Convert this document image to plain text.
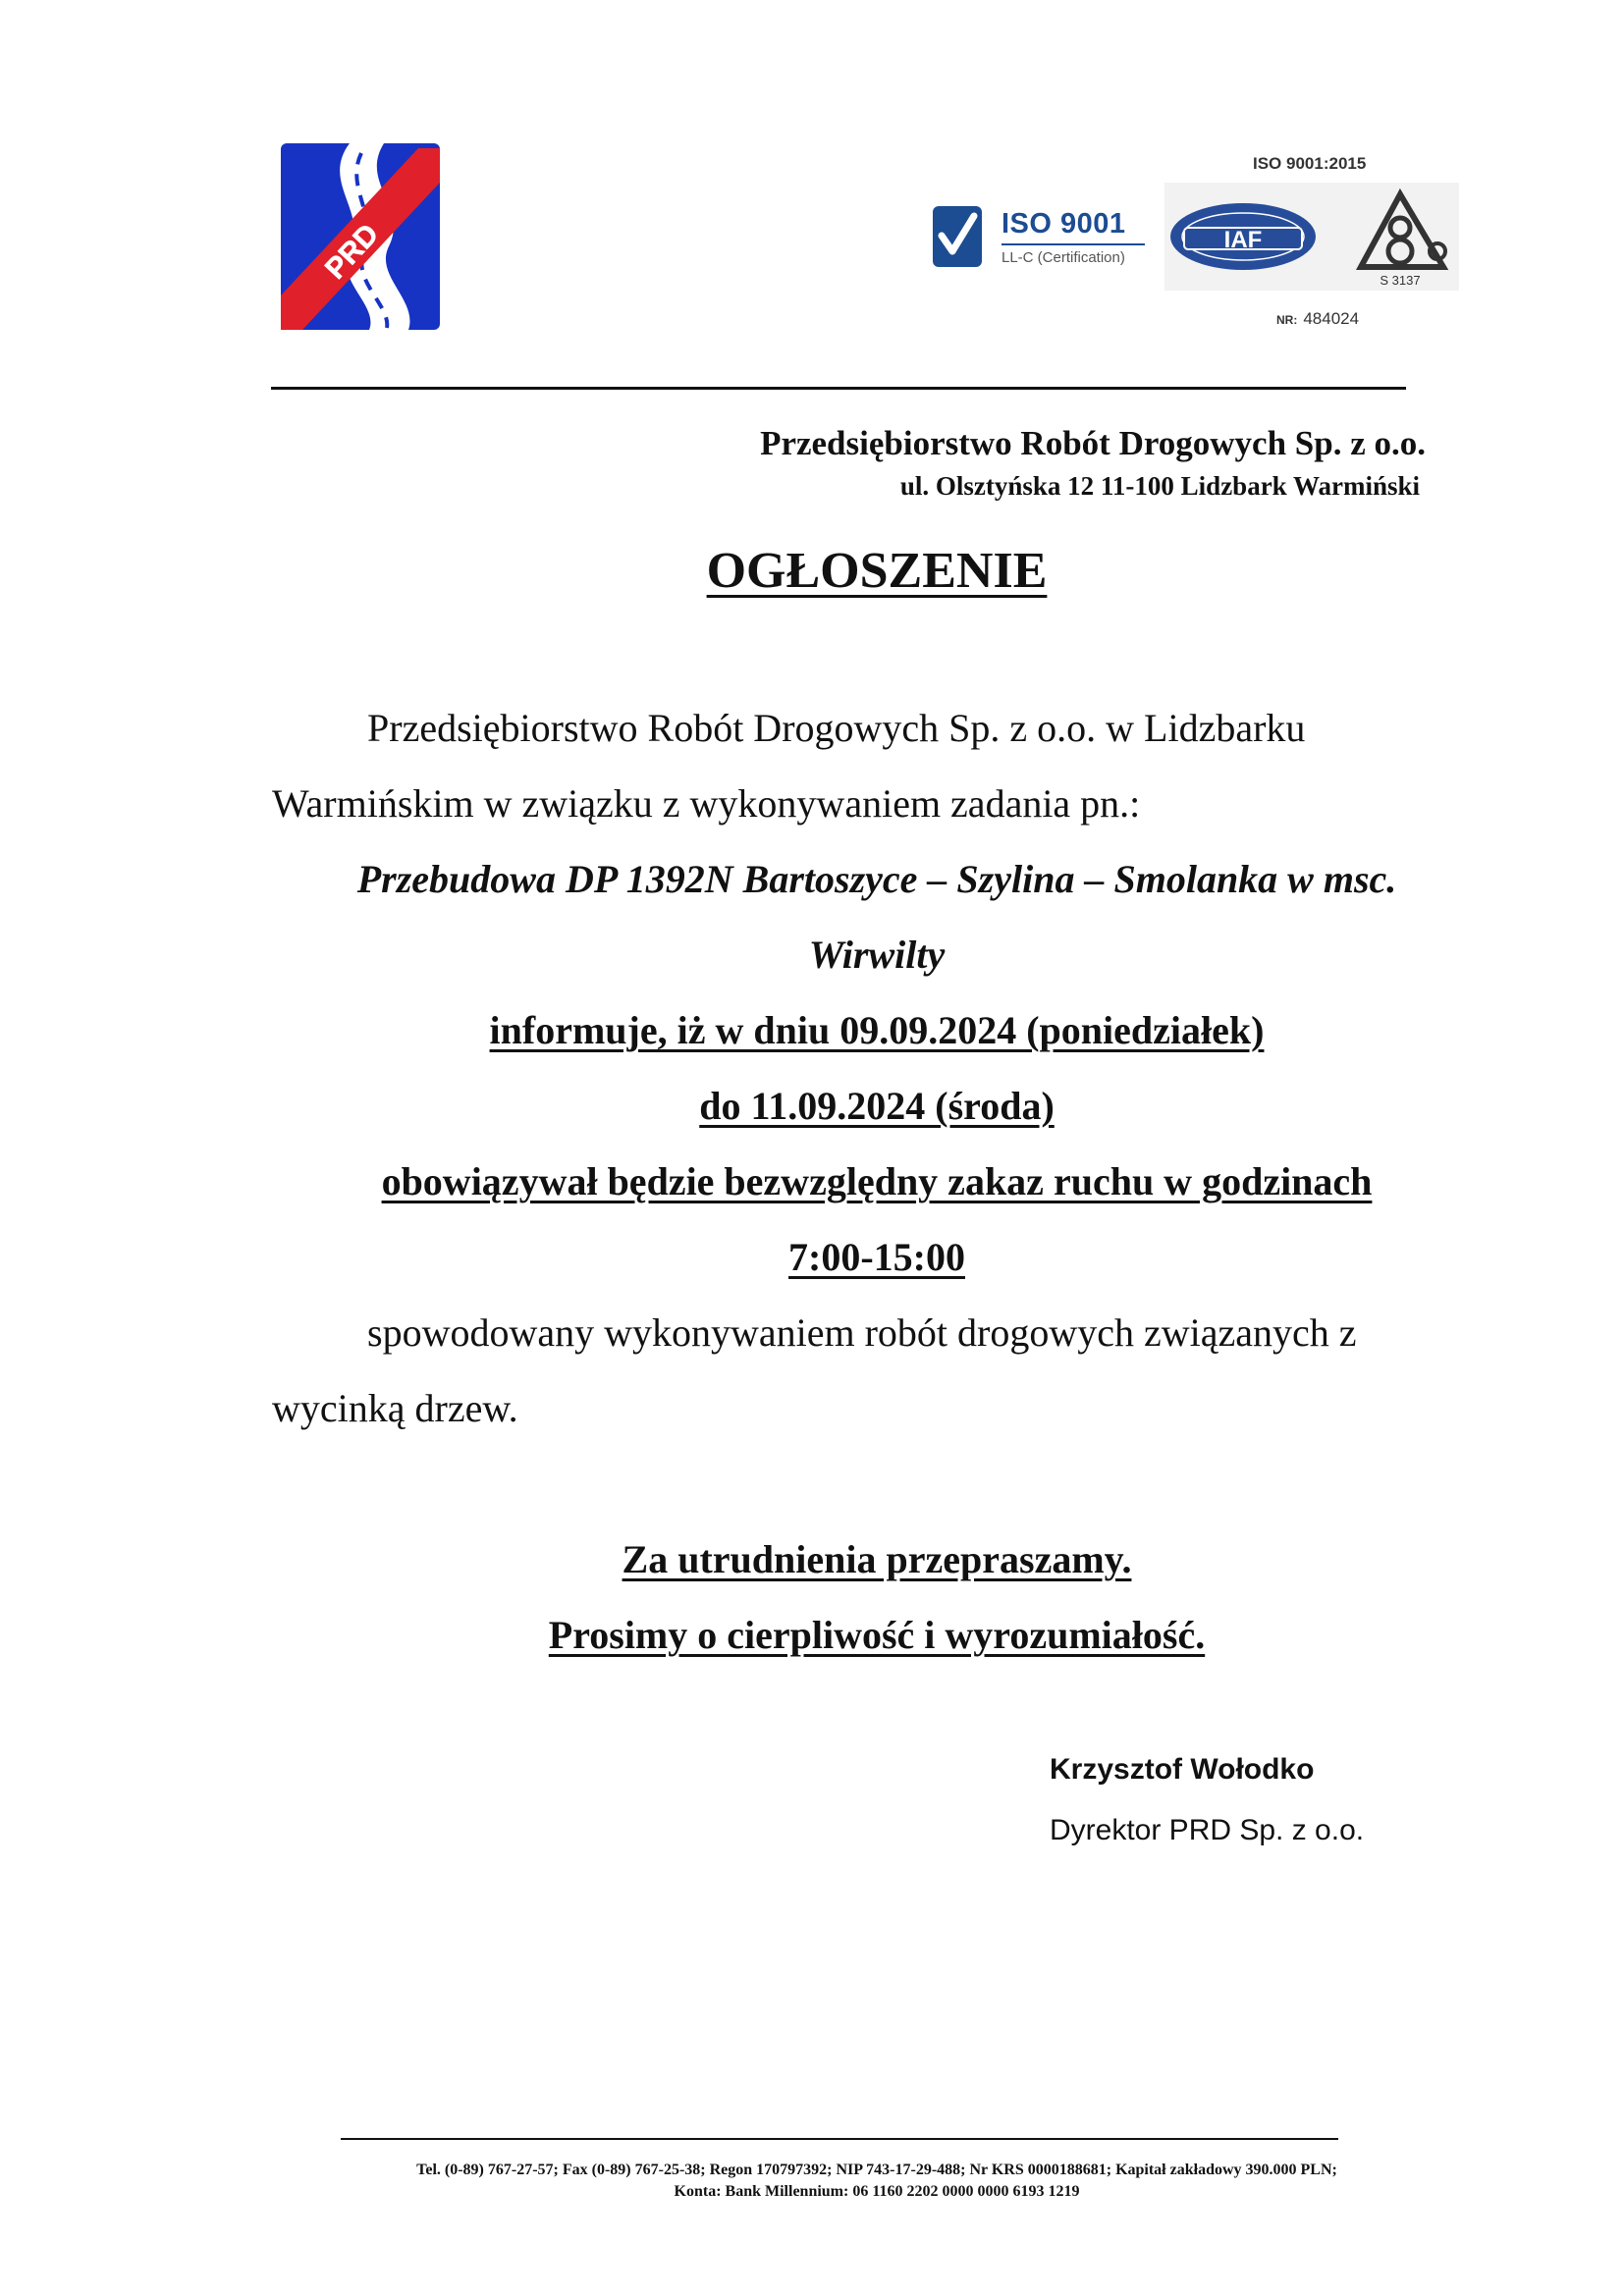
PRD	ISO 9001
LL-C (Certification)
ISO 9001:2015
IAF
S 3137
NR: 484024
Przedsiębiorstwo Robót Drogowych Sp. z o.o.
ul. Olsztyńska 12 11-100 Lidzbark Warmiński
OGŁOSZENIE
Przedsiębiorstwo Robót Drogowych Sp. z o.o. w Lidzbarku
Warmińskim w związku z wykonywaniem zadania pn.:
Przebudowa DP 1392N Bartoszyce – Szylina – Smolanka w msc.
Wirwilty
informuje, iż w dniu 09.09.2024 (poniedziałek)
do 11.09.2024 (środa)
obowiązywał będzie bezwzględny zakaz ruchu w godzinach
7:00-15:00
spowodowany wykonywaniem robót drogowych związanych z
wycinką drzew.
Za utrudnienia przepraszamy.
Prosimy o cierpliwość i wyrozumiałość.
Krzysztof Wołodko
Dyrektor PRD Sp. z o.o.
Tel. (0-89) 767-27-57; Fax (0-89) 767-25-38; Regon 170797392; NIP 743-17-29-488; Nr KRS 0000188681; Kapitał zakładowy 390.000 PLN;
Konta: Bank Millennium: 06 1160 2202 0000 0000 6193 1219
